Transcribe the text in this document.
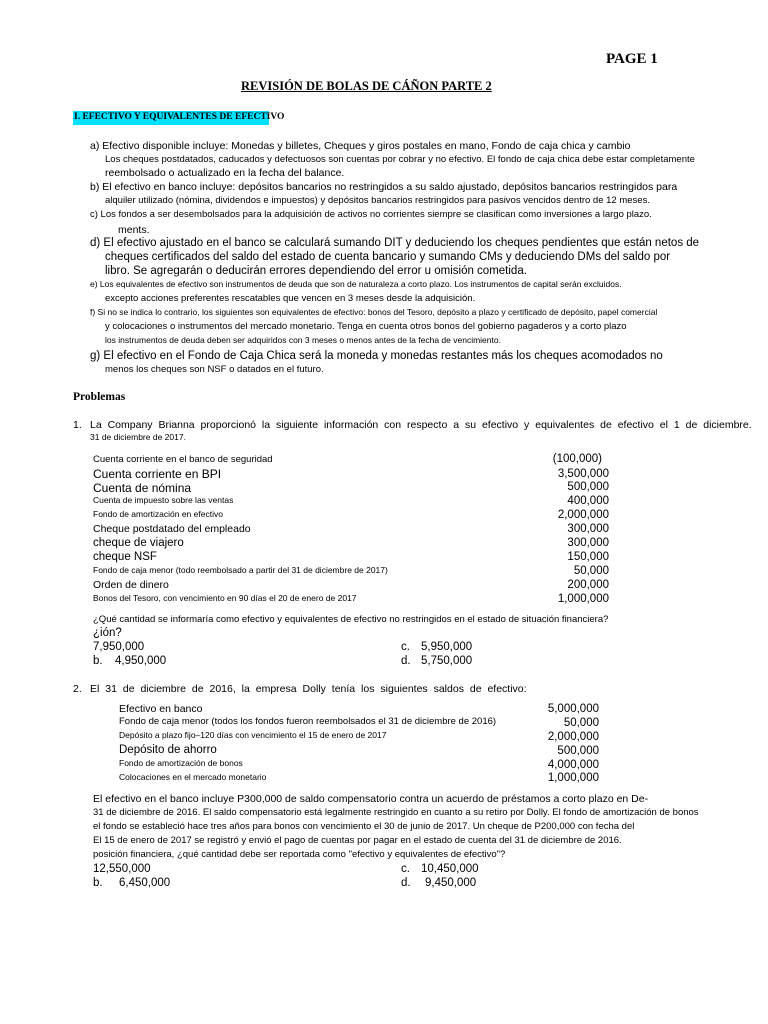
PAGE 1
REVISIÓN DE BOLAS DE CÁÑON PARTE 2
I. EFECTIVO Y EQUIVALENTES DE EFECTIVO
a) Efectivo disponible incluye: Monedas y billetes, Cheques y giros postales en mano, Fondo de caja chica y cambio
Los cheques postdatados, caducados y defectuosos son cuentas por cobrar y no efectivo. El fondo de caja chica debe estar completamente
reembolsado o actualizado en la fecha del balance.
b) El efectivo en banco incluye: depósitos bancarios no restringidos a su saldo ajustado, depósitos bancarios restringidos para
alquiler utilizado (nómina, dividendos e impuestos) y depósitos bancarios restringidos para pasivos vencidos dentro de 12 meses.
c) Los fondos a ser desembolsados para la adquisición de activos no corrientes siempre se clasifican como inversiones a largo plazo.
ments.
d) El efectivo ajustado en el banco se calculará sumando DIT y deduciendo los cheques pendientes que están netos de
cheques certificados del saldo del estado de cuenta bancario y sumando CMs y deduciendo DMs del saldo por
libro. Se agregarán o deducirán errores dependiendo del error u omisión cometida.
e) Los equivalentes de efectivo son instrumentos de deuda que son de naturaleza a corto plazo. Los instrumentos de capital serán excluidos.
excepto acciones preferentes rescatables que vencen en 3 meses desde la adquisición.
f) Si no se indica lo contrario, los siguientes son equivalentes de efectivo: bonos del Tesoro, depósito a plazo y certificado de depósito, papel comercial
y colocaciones o instrumentos del mercado monetario. Tenga en cuenta otros bonos del gobierno pagaderos y a corto plazo
los instrumentos de deuda deben ser adquiridos con 3 meses o menos antes de la fecha de vencimiento.
g) El efectivo en el Fondo de Caja Chica será la moneda y monedas restantes más los cheques acomodados no
menos los cheques son NSF o datados en el futuro.
Problemas
1. La Company Brianna proporcionó la siguiente información con respecto a su efectivo y equivalentes de efectivo el 1 de diciembre.
31 de diciembre de 2017.
Cuenta corriente en el banco de seguridad	(100,000)
Cuenta corriente en BPI	3,500,000
Cuenta de nómina	500,000
Cuenta de impuesto sobre las ventas	400,000
Fondo de amortización en efectivo	2,000,000
Cheque postdatado del empleado	300,000
cheque de viajero	300,000
cheque NSF	150,000
Fondo de caja menor (todo reembolsado a partir del 31 de diciembre de 2017)	50,000
Orden de dinero	200,000
Bonos del Tesoro, con vencimiento en 90 días el 20 de enero de 2017	1,000,000
¿Qué cantidad se informaría como efectivo y equivalentes de efectivo no restringidos en el estado de situación financiera?
¿ión?
7,950,000
b. 4,950,000
c. 5,950,000
d. 5,750,000
2. El 31 de diciembre de 2016, la empresa Dolly tenía los siguientes saldos de efectivo:
Efectivo en banco	5,000,000
Fondo de caja menor (todos los fondos fueron reembolsados el 31 de diciembre de 2016)	50,000
Depósito a plazo fijo–120 días con vencimiento el 15 de enero de 2017	2,000,000
Depósito de ahorro	500,000
Fondo de amortización de bonos	4,000,000
Colocaciones en el mercado monetario	1,000,000
El efectivo en el banco incluye P300,000 de saldo compensatorio contra un acuerdo de préstamos a corto plazo en De-
31 de diciembre de 2016. El saldo compensatorio está legalmente restringido en cuanto a su retiro por Dolly. El fondo de amortización de bonos
el fondo se estableció hace tres años para bonos con vencimiento el 30 de junio de 2017. Un cheque de P200,000 con fecha del
El 15 de enero de 2017 se registró y envió el pago de cuentas por pagar en el estado de cuenta del 31 de diciembre de 2016.
posición financiera, ¿qué cantidad debe ser reportada como "efectivo y equivalentes de efectivo"?
12,550,000
b. 6,450,000
c. 10,450,000
d. 9,450,000
